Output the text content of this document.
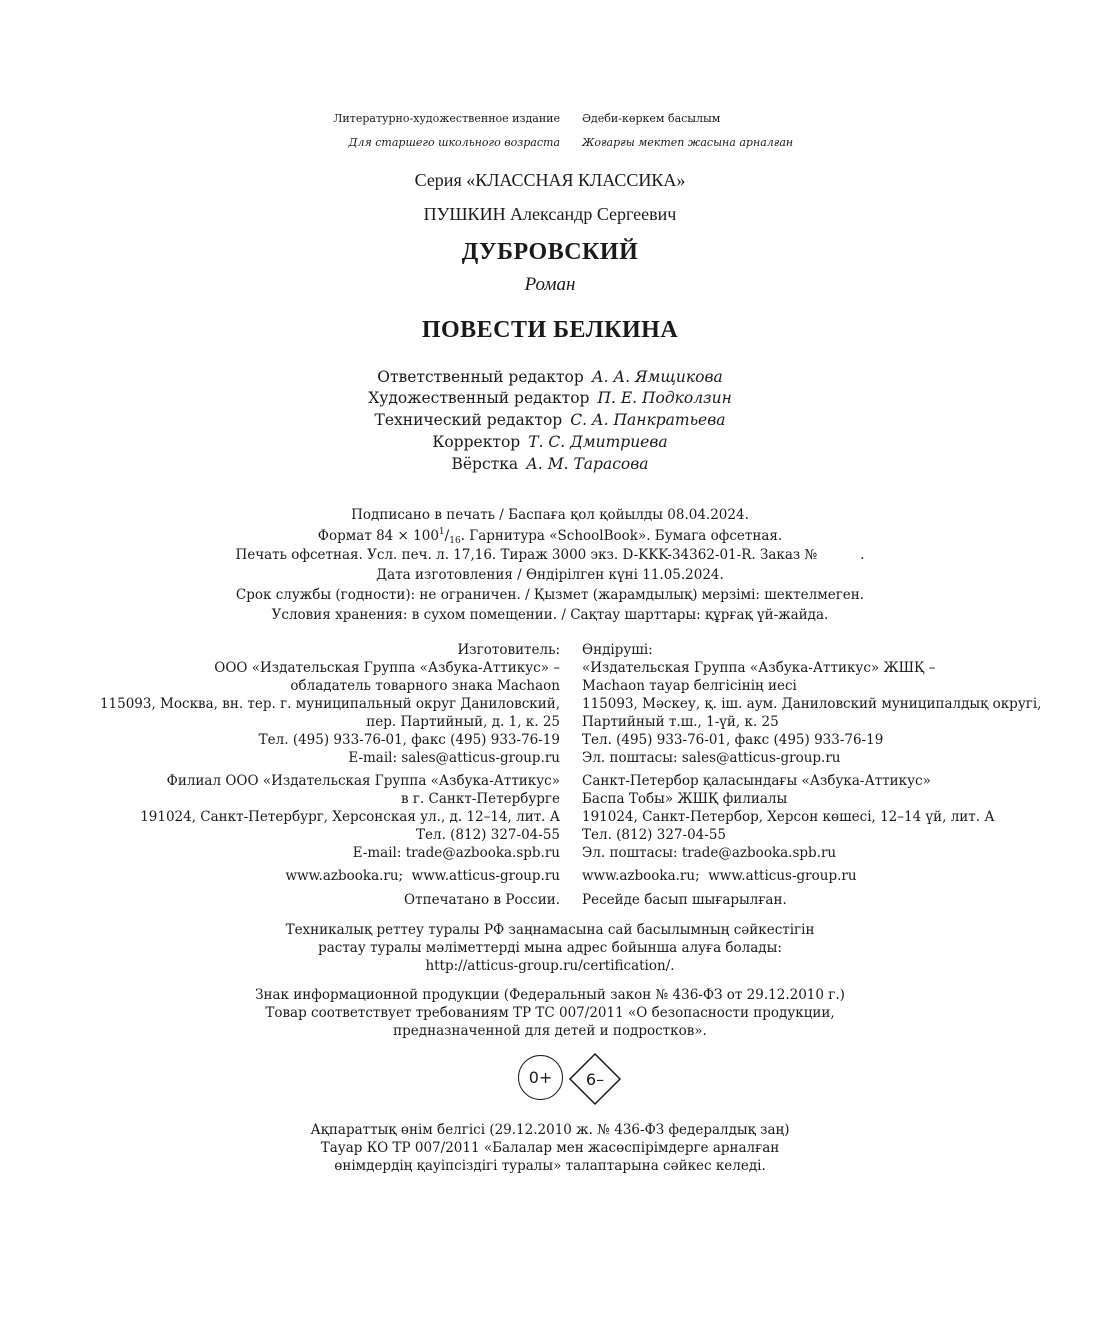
Литературно-художественное издание Әдеби-көркем басылым
Для старшего школьного возраста Жоғарғы мектеп жасына арналған
Серия «КЛАССНАЯ КЛАССИКА»
ПУШКИН Александр Сергеевич
ДУБРОВСКИЙ
Роман
ПОВЕСТИ БЕЛКИНА
Ответственный редактор А. А. Ямщикова
Художественный редактор П. Е. Подколзин
Технический редактор С. А. Панкратьева
Корректор Т. С. Дмитриева
Вёрстка А. М. Тарасова
Подписано в печать / Баспаға қол қойылды 08.04.2024.
Формат $84 \times 100^1/_{16}$. Гарнитура «SchoolBook». Бумага офсетная.
Печать офсетная. Усл. печ. л. 17,16. Тираж 3000 экз. D-KKK-34362-01-R. Заказ №          .
Дата изготовления / Өндірілген күні 11.05.2024.
Срок службы (годности): не ограничен. / Қызмет (жарамдылық) мерзімі: шектелмеген.
Условия хранения: в сухом помещении. / Сақтау шарттары: құрғақ үй-жайда.
Изготовитель: Өндіруші:
ООО «Издательская Группа «Азбука-Аттикус» – «Издательская Группа «Азбука-Аттикус» ЖШҚ –
обладатель товарного знака Machaon Machaon тауар белгісінің иесі
115093, Москва, вн. тер. г. муниципальный округ Даниловский, 115093, Мәскеу, қ. іш. аум. Даниловский муниципалдық округі,
пер. Партийный, д. 1, к. 25 Партийный т.ш., 1-үй, к. 25
Тел. (495) 933-76-01, факс (495) 933-76-19 Тел. (495) 933-76-01, факс (495) 933-76-19
E-mail: sales@atticus-group.ru Эл. поштасы: sales@atticus-group.ru
Филиал ООО «Издательская Группа «Азбука-Аттикус» Санкт-Петербор қаласындағы «Азбука-Аттикус»
в г. Санкт-Петербурге Баспа Тобы» ЖШҚ филиалы
191024, Санкт-Петербург, Херсонская ул., д. 12–14, лит. А 191024, Санкт-Петербор, Херсон көшесі, 12–14 үй, лит. А
Тел. (812) 327-04-55 Тел. (812) 327-04-55
E-mail: trade@azbooka.spb.ru Эл. поштасы: trade@azbooka.spb.ru
www.azbooka.ru;  www.atticus-group.ru www.azbooka.ru;  www.atticus-group.ru
Отпечатано в России. Ресейде басып шығарылған.
Техникалық реттеу туралы РФ заңнамасына сай басылымның сәйкестігін
растау туралы мәліметтерді мына адрес бойынша алуға болады:
http://atticus-group.ru/certification/.
Знак информационной продукции (Федеральный закон № 436-ФЗ от 29.12.2010 г.)
Товар соответствует требованиям ТР ТС 007/2011 «О безопасности продукции,
предназначенной для детей и подростков».
0+	6–
Ақпараттық өнім белгісі (29.12.2010 ж. № 436-ФЗ федералдық заң)
Тауар КО ТР 007/2011 «Балалар мен жасөспірімдерге арналған
өнімдердің қауіпсіздігі туралы» талаптарына сәйкес келеді.
